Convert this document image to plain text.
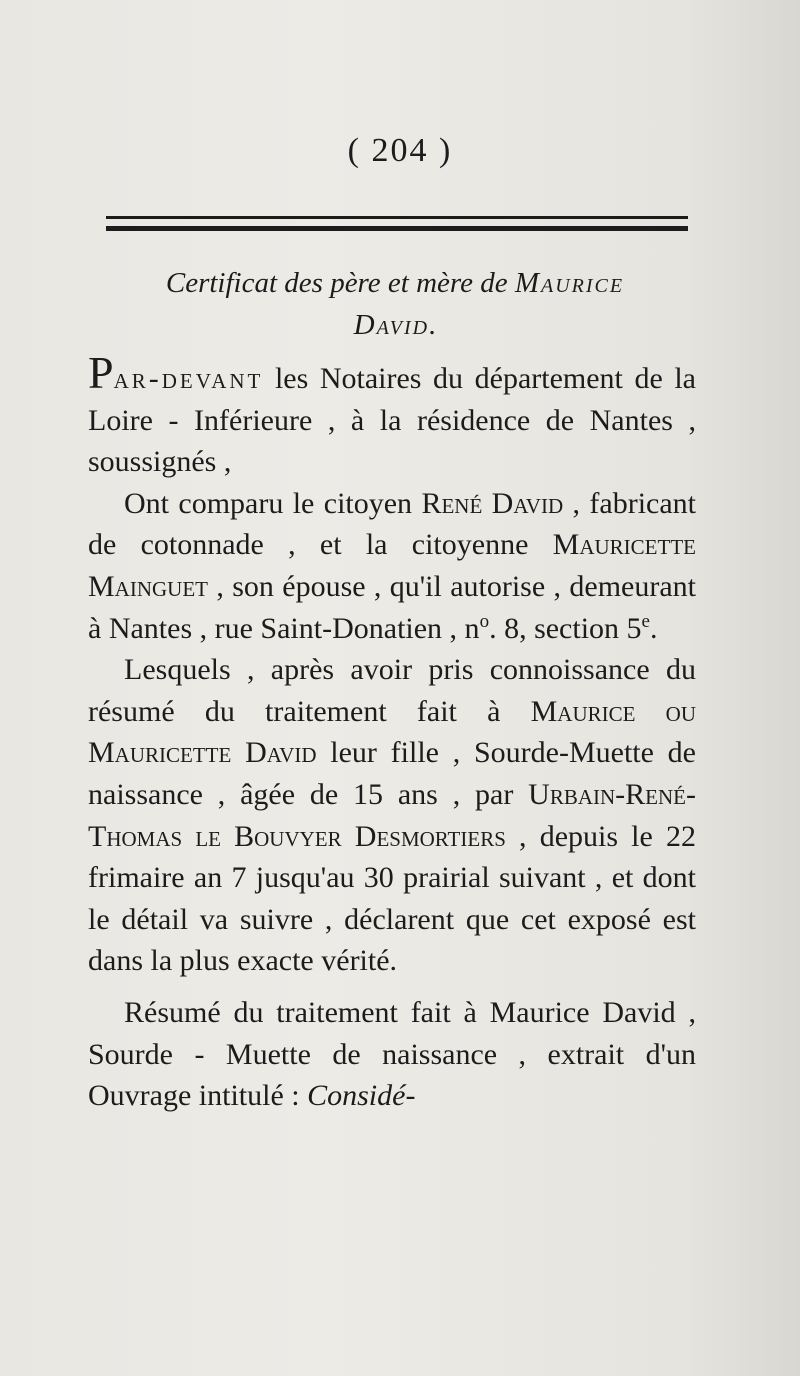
( 204 )
Certificat des père et mère de Maurice
David.

Par-devant les Notaires du département de la Loire - Inférieure , à la résidence de Nantes , soussignés ,

Ont comparu le citoyen René David , fabricant de cotonnade , et la citoyenne Mauricette Mainguet , son épouse , qu'il autorise , demeurant à Nantes , rue Saint-Donatien , $n^o$. 8, section 5e.

Lesquels , après avoir pris connoissance du résumé du traitement fait à Maurice ou Mauricette David leur fille , Sourde-Muette de naissance , âgée de 15 ans , par Urbain-René-Thomas le Bouvyer Desmortiers , depuis le 22 frimaire an 7 jusqu'au 30 prairial suivant , et dont le détail va suivre , déclarent que cet exposé est dans la plus exacte vérité.

Résumé du traitement fait à Maurice David , Sourde - Muette de naissance , extrait d'un Ouvrage intitulé : Considé-
